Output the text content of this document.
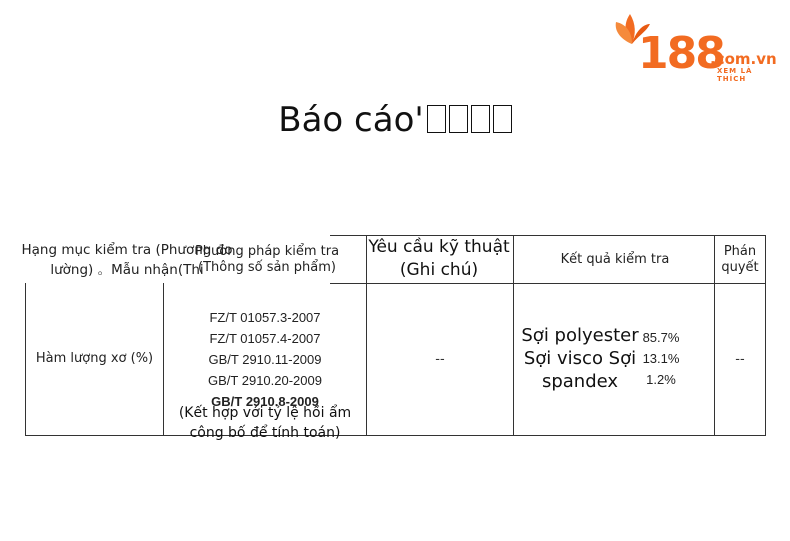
188
.com.vn
XEM LÀ THÍCH
Báo cáo'
Hạng mục kiểm tra (Phương đo lường) 。Mẫu nhận(Thi
Phương pháp kiểm tra (Thông số sản phẩm)
Yêu cầu kỹ thuật (Ghi chú)
Kết quả kiểm tra
Phán quyết
Hàm lượng xơ (%)
FZ/T 01057.3-2007
FZ/T 01057.4-2007
GB/T 2910.11-2009
GB/T 2910.20-2009
GB/T 2910.8-2009
(Kết hợp với tỷ lệ hồi ẩm công bố để tính toán)
--
Sợi polyester Sợi visco Sợi spandex
85.7%
13.1%
1.2%
--
